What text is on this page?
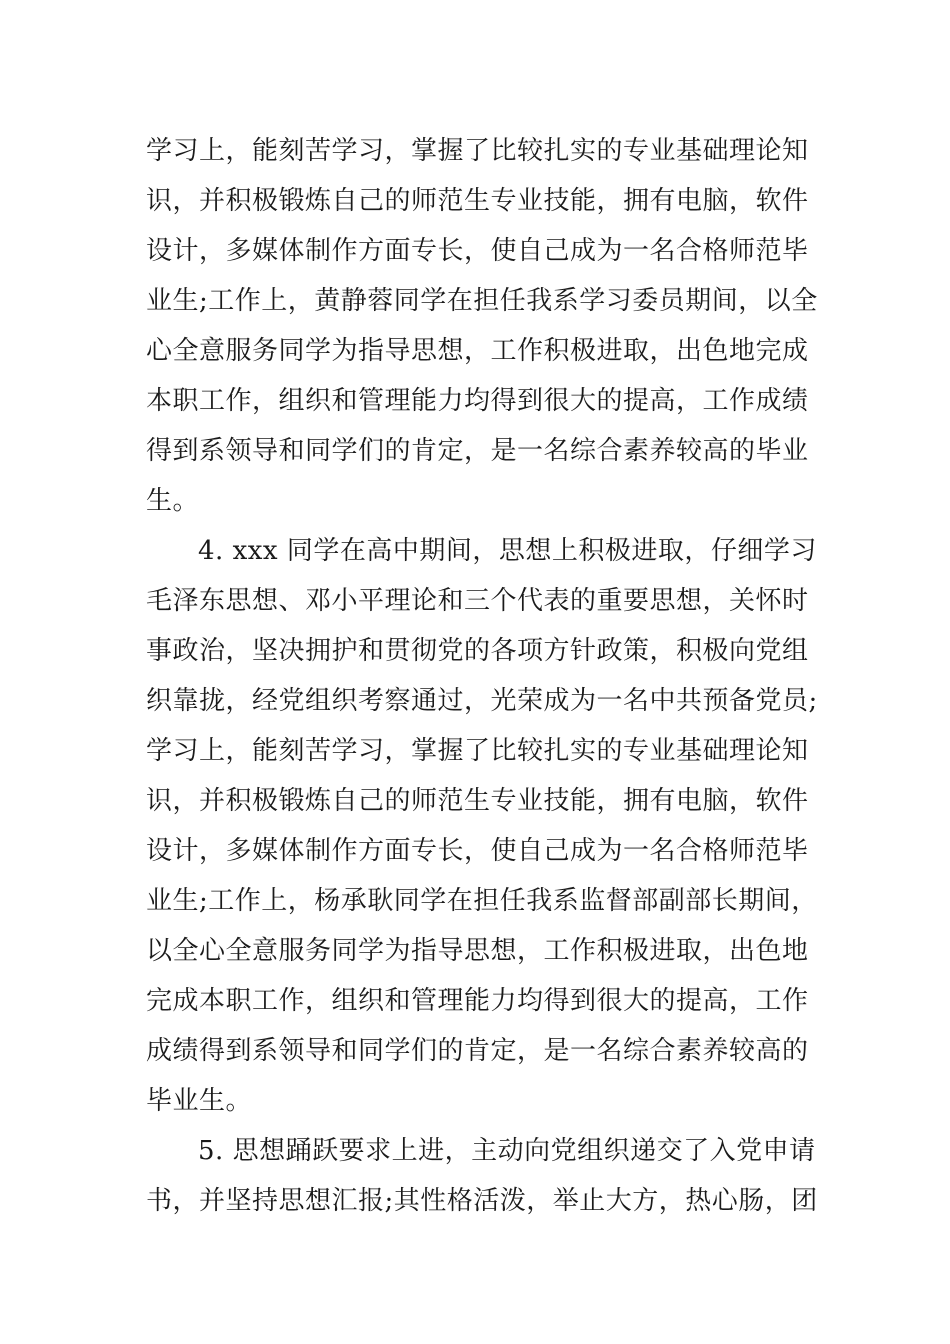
学习上，能刻苦学习，掌握了比较扎实的专业基础理论知
识，并积极锻炼自己的师范生专业技能，拥有电脑，软件
设计，多媒体制作方面专长，使自己成为一名合格师范毕
业生;工作上，黄静蓉同学在担任我系学习委员期间，以全
心全意服务同学为指导思想，工作积极进取，出色地完成
本职工作，组织和管理能力均得到很大的提高，工作成绩
得到系领导和同学们的肯定，是一名综合素养较高的毕业
生。
4. xxx 同学在高中期间，思想上积极进取，仔细学习
毛泽东思想、邓小平理论和三个代表的重要思想，关怀时
事政治，坚决拥护和贯彻党的各项方针政策，积极向党组
织靠拢，经党组织考察通过，光荣成为一名中共预备党员;
学习上，能刻苦学习，掌握了比较扎实的专业基础理论知
识，并积极锻炼自己的师范生专业技能，拥有电脑，软件
设计，多媒体制作方面专长，使自己成为一名合格师范毕
业生;工作上，杨承耿同学在担任我系监督部副部长期间，
以全心全意服务同学为指导思想，工作积极进取，出色地
完成本职工作，组织和管理能力均得到很大的提高，工作
成绩得到系领导和同学们的肯定，是一名综合素养较高的
毕业生。
5. 思想踊跃要求上进，主动向党组织递交了入党申请
书，并坚持思想汇报;其性格活泼，举止大方，热心肠，团
